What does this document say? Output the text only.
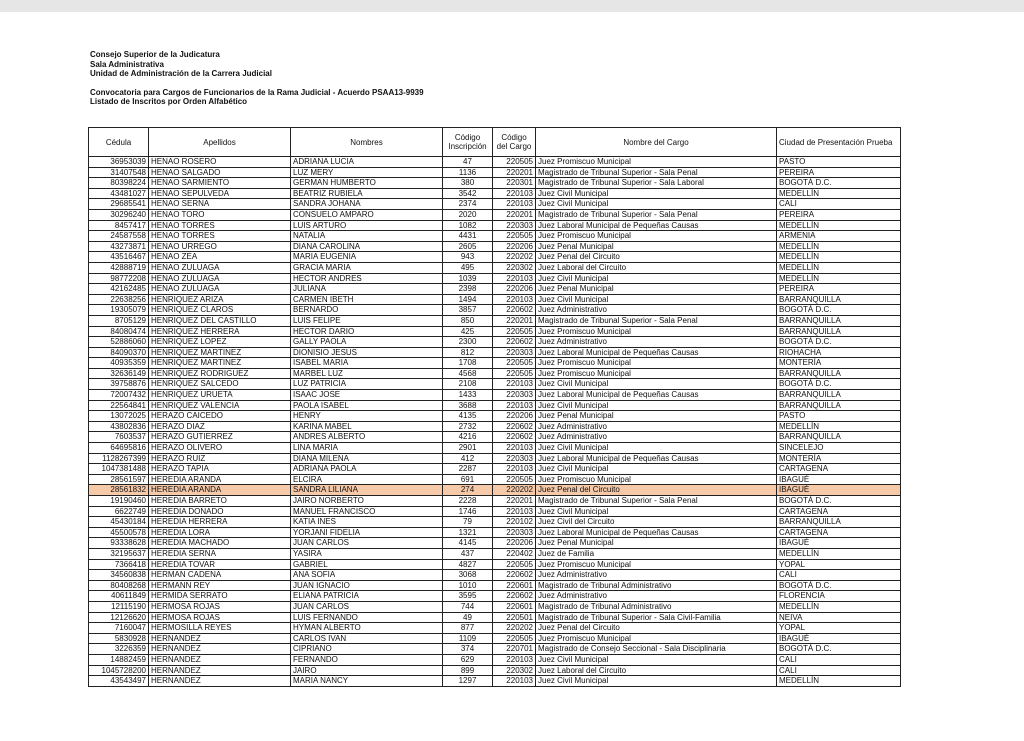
Consejo Superior de la Judicatura
Sala Administrativa
Unidad de Administración de la Carrera Judicial
Convocatoria para Cargos de Funcionarios de la Rama Judicial - Acuerdo PSAA13-9939
Listado de Inscritos por Orden Alfabético
Cédula	Apellidos	Nombres	Código Inscripción	Código del Cargo	Nombre del Cargo	Ciudad de Presentación Prueba
36953039	HENAO ROSERO	ADRIANA LUCIA	47	220505	Juez Promiscuo Municipal	PASTO
31407548	HENAO SALGADO	LUZ MERY	1136	220201	Magistrado de Tribunal Superior - Sala Penal	PEREIRA
80398224	HENAO SARMIENTO	GERMAN HUMBERTO	380	220301	Magistrado de Tribunal Superior - Sala Laboral	BOGOTÁ D.C.
43481027	HENAO SEPULVEDA	BEATRIZ RUBIELA	3542	220103	Juez Civil Municipal	MEDELLÍN
29685541	HENAO SERNA	SANDRA JOHANA	2374	220103	Juez Civil Municipal	CALI
30296240	HENAO TORO	CONSUELO AMPARO	2020	220201	Magistrado de Tribunal Superior - Sala Penal	PEREIRA
8457417	HENAO TORRES	LUIS ARTURO	1082	220303	Juez Laboral Municipal de Pequeñas Causas	MEDELLÍN
24587558	HENAO TORRES	NATALIA	4431	220505	Juez Promiscuo Municipal	ARMENIA
43273871	HENAO URREGO	DIANA CAROLINA	2605	220206	Juez Penal Municipal	MEDELLÍN
43516467	HENAO ZEA	MARIA EUGENIA	943	220202	Juez Penal del Circuito	MEDELLÍN
42888719	HENAO ZULUAGA	GRACIA MARIA	495	220302	Juez Laboral del Circuito	MEDELLÍN
98772208	HENAO ZULUAGA	HECTOR ANDRES	1039	220103	Juez Civil Municipal	MEDELLÍN
42162485	HENAO ZULUAGA	JULIANA	2398	220206	Juez Penal Municipal	PEREIRA
22638256	HENRIQUEZ ARIZA	CARMEN IBETH	1494	220103	Juez Civil Municipal	BARRANQUILLA
19305079	HENRIQUEZ CLAROS	BERNARDO	3857	220602	Juez Administrativo	BOGOTÁ D.C.
8705129	HENRIQUEZ DEL CASTILLO	LUIS FELIPE	850	220201	Magistrado de Tribunal Superior - Sala Penal	BARRANQUILLA
84080474	HENRIQUEZ HERRERA	HECTOR DARIO	425	220505	Juez Promiscuo Municipal	BARRANQUILLA
52886060	HENRIQUEZ LOPEZ	GALLY PAOLA	2300	220602	Juez Administrativo	BOGOTÁ D.C.
84090370	HENRIQUEZ MARTINEZ	DIONISIO JESUS	812	220303	Juez Laboral Municipal de Pequeñas Causas	RIOHACHA
40935359	HENRIQUEZ MARTINEZ	ISABEL MARIA	1708	220505	Juez Promiscuo Municipal	MONTERÍA
32636149	HENRIQUEZ RODRIGUEZ	MARBEL LUZ	4568	220505	Juez Promiscuo Municipal	BARRANQUILLA
39758876	HENRIQUEZ SALCEDO	LUZ PATRICIA	2108	220103	Juez Civil Municipal	BOGOTÁ D.C.
72007432	HENRIQUEZ URUETA	ISAAC JOSE	1433	220303	Juez Laboral Municipal de Pequeñas Causas	BARRANQUILLA
22564841	HENRIQUEZ VALENCIA	PAOLA ISABEL	3688	220103	Juez Civil Municipal	BARRANQUILLA
13072025	HERAZO CAICEDO	HENRY	4135	220206	Juez Penal Municipal	PASTO
43802836	HERAZO DIAZ	KARINA MABEL	2732	220602	Juez Administrativo	MEDELLÍN
7603537	HERAZO GUTIERREZ	ANDRES ALBERTO	4216	220602	Juez Administrativo	BARRANQUILLA
64695816	HERAZO OLIVERO	LINA MARIA	2901	220103	Juez Civil Municipal	SINCELEJO
1128267399	HERAZO RUIZ	DIANA MILENA	412	220303	Juez Laboral Municipal de Pequeñas Causas	MONTERÍA
1047381488	HERAZO TAPIA	ADRIANA PAOLA	2287	220103	Juez Civil Municipal	CARTAGENA
28561597	HEREDIA ARANDA	ELCIRA	691	220505	Juez Promiscuo Municipal	IBAGUÉ
28561832	HEREDIA ARANDA	SANDRA LILIANA	274	220202	Juez Penal del Circuito	IBAGUÉ
19190460	HEREDIA BARRETO	JAIRO NORBERTO	2228	220201	Magistrado de Tribunal Superior - Sala Penal	BOGOTÁ D.C.
6622749	HEREDIA DONADO	MANUEL FRANCISCO	1746	220103	Juez Civil Municipal	CARTAGENA
45430184	HEREDIA HERRERA	KATIA INES	79	220102	Juez Civil del Circuito	BARRANQUILLA
45500578	HEREDIA LORA	YORJANI FIDELIA	1321	220303	Juez Laboral Municipal de Pequeñas Causas	CARTAGENA
93338628	HEREDIA MACHADO	JUAN CARLOS	4145	220206	Juez Penal Municipal	IBAGUÉ
32195637	HEREDIA SERNA	YASIRA	437	220402	Juez de Familia	MEDELLÍN
7366418	HEREDIA TOVAR	GABRIEL	4827	220505	Juez Promiscuo Municipal	YOPAL
34560838	HERMAN CADENA	ANA SOFIA	3068	220602	Juez Administrativo	CALI
80408268	HERMANN REY	JUAN IGNACIO	1010	220601	Magistrado de Tribunal Administrativo	BOGOTÁ D.C.
40611849	HERMIDA SERRATO	ELIANA PATRICIA	3595	220602	Juez Administrativo	FLORENCIA
12115190	HERMOSA ROJAS	JUAN CARLOS	744	220601	Magistrado de Tribunal Administrativo	MEDELLÍN
12126620	HERMOSA ROJAS	LUIS FERNANDO	49	220501	Magistrado de Tribunal Superior - Sala Civil-Familia	NEIVA
7160047	HERMOSILLA REYES	HYMAN ALBERTO	877	220202	Juez Penal del Circuito	YOPAL
5830928	HERNANDEZ	CARLOS IVAN	1109	220505	Juez Promiscuo Municipal	IBAGUÉ
3226359	HERNANDEZ	CIPRIANO	374	220701	Magistrado de Consejo Seccional - Sala Disciplinaria	BOGOTÁ D.C.
14882459	HERNANDEZ	FERNANDO	629	220103	Juez Civil Municipal	CALI
1045728200	HERNANDEZ	JAIRO	899	220302	Juez Laboral del Circuito	CALI
43543497	HERNANDEZ	MARIA NANCY	1297	220103	Juez Civil Municipal	MEDELLÍN
